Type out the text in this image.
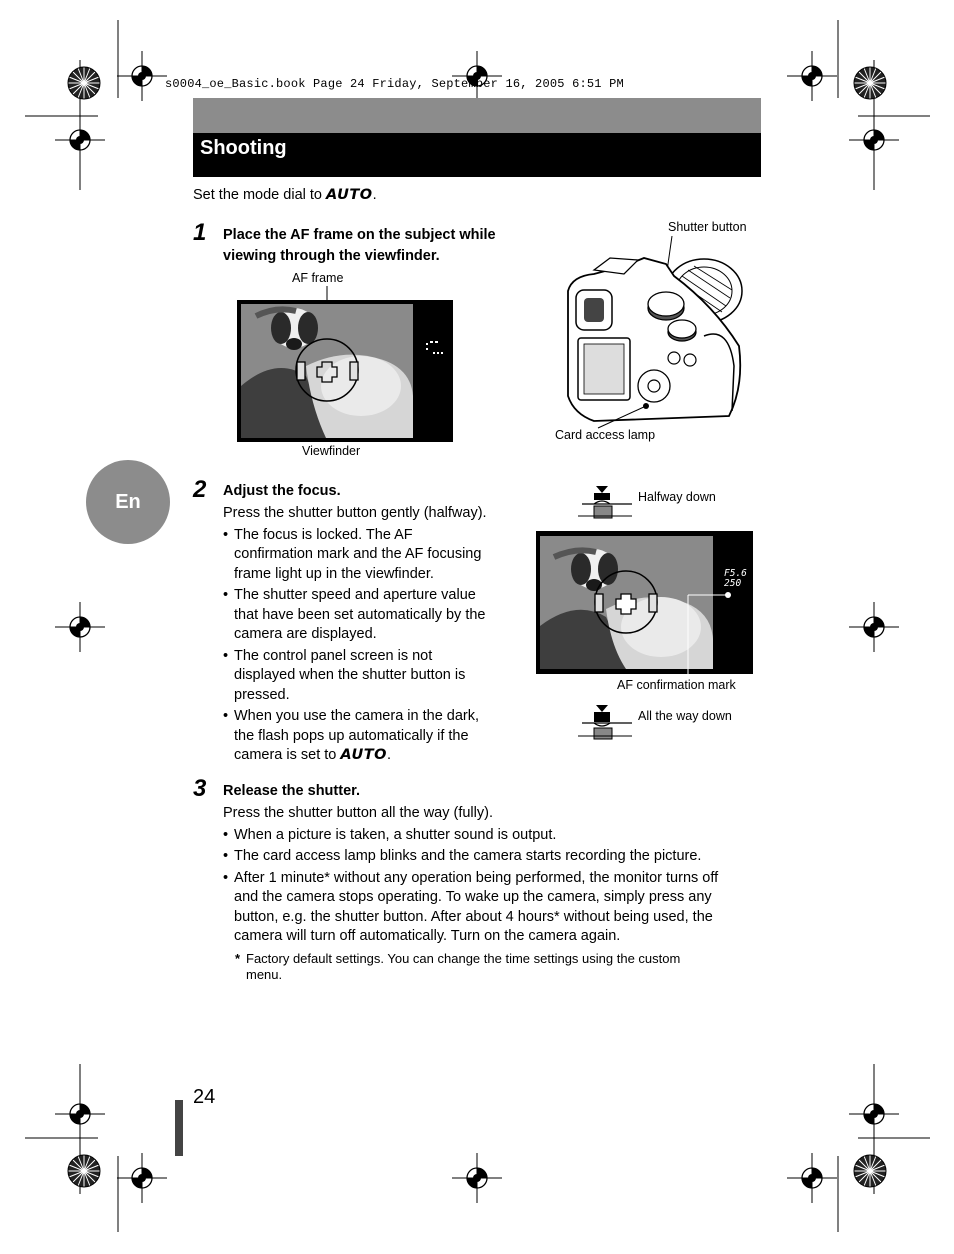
s0004_oe_Basic.book Page 24 Friday, September 16, 2005 6:51 PM
Shooting
Set the mode dial to AUTO.
1 Place the AF frame on the subject while
viewing through the viewfinder.
AF frame
Viewfinder
Shutter button
Card access lamp
En	2 Adjust the focus.
Press the shutter button gently (halfway).
• The focus is locked. The AF
confirmation mark and the AF focusing
frame light up in the viewfinder.
• The shutter speed and aperture value
that have been set automatically by the
camera are displayed.
• The control panel screen is not
displayed when the shutter button is
pressed.
• When you use the camera in the dark,
the flash pops up automatically if the
camera is set to AUTO.
Halfway down
F5.6
250
AF confirmation mark
All the way down
3 Release the shutter.
Press the shutter button all the way (fully).
• When a picture is taken, a shutter sound is output.
• The card access lamp blinks and the camera starts recording the picture.
• After 1 minute* without any operation being performed, the monitor turns off
and the camera stops operating. To wake up the camera, simply press any
button, e.g. the shutter button. After about 4 hours* without being used, the
camera will turn off automatically. Turn on the camera again.
* Factory default settings. You can change the time settings using the custom
menu.
24
